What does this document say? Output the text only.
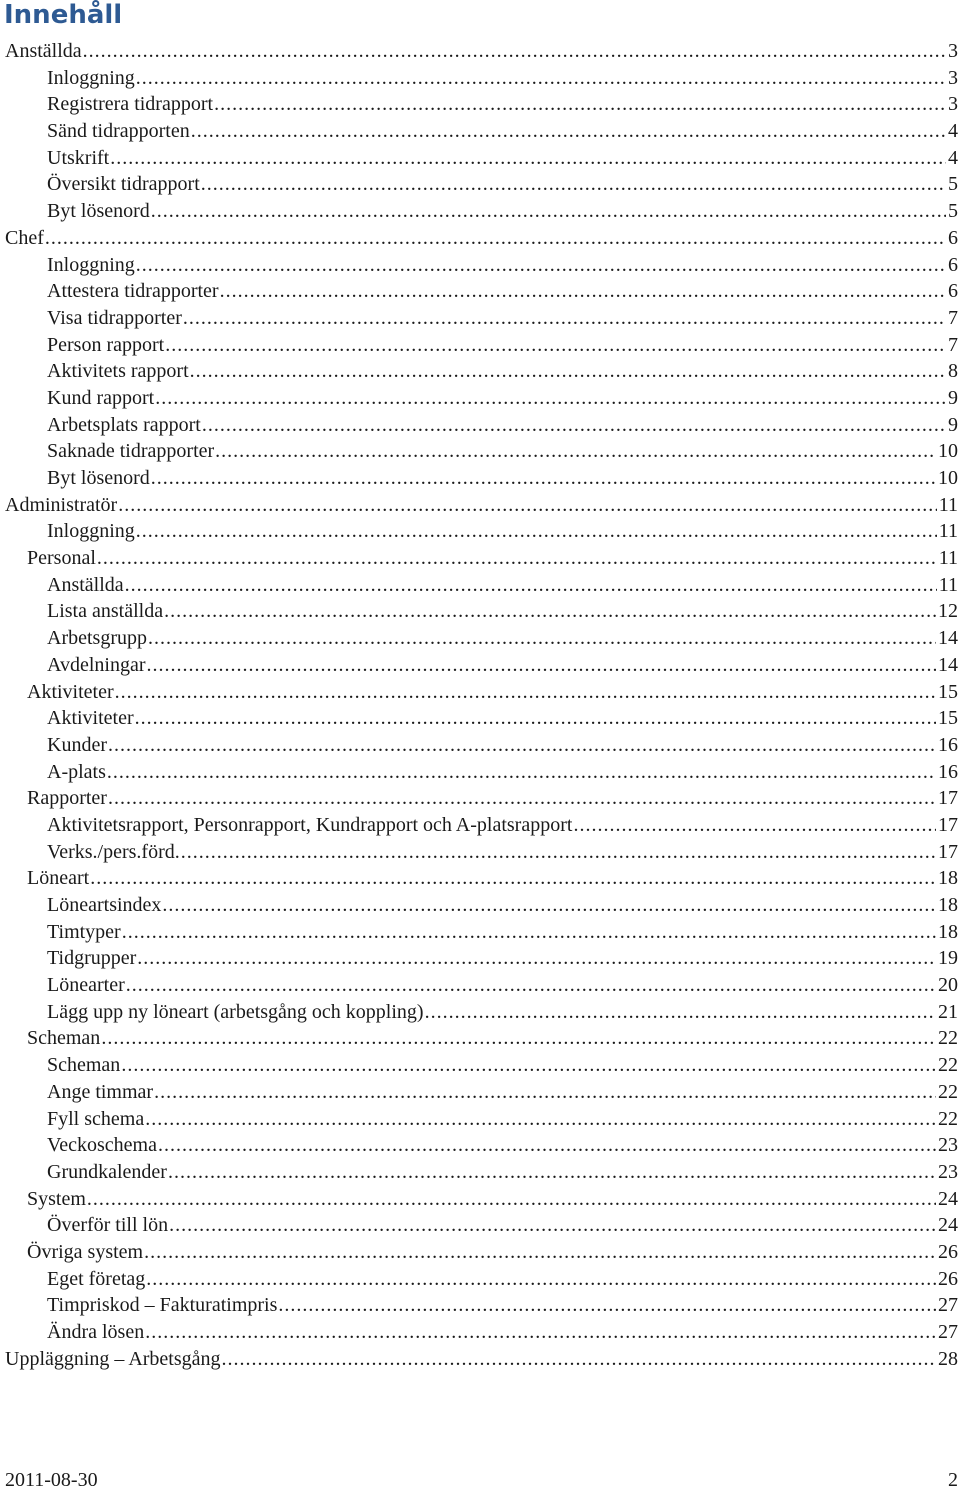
Innehåll
Anställda .....	3
Inloggning .....	3
Registrera tidrapport .....	3
Sänd tidrapporten .....	4
Utskrift .....	4
Översikt tidrapport .....	5
Byt lösenord .....	5
Chef .....	6
Inloggning .....	6
Attestera tidrapporter .....	6
Visa tidrapporter .....	7
Person rapport .....	7
Aktivitets rapport .....	8
Kund rapport .....	9
Arbetsplats rapport .....	9
Saknade tidrapporter .....	10
Byt lösenord .....	10
Administratör .....	11
Inloggning .....	11
Personal .....	11
Anställda .....	11
Lista anställda .....	12
Arbetsgrupp .....	14
Avdelningar .....	14
Aktiviteter .....	15
Aktiviteter .....	15
Kunder .....	16
A-plats .....	16
Rapporter .....	17
Aktivitetsrapport, Personrapport, Kundrapport och A-platsrapport .....	17
Verks./pers.förd. .....	17
Löneart .....	18
Löneartsindex .....	18
Timtyper .....	18
Tidgrupper .....	19
Lönearter .....	20
Lägg upp ny löneart (arbetsgång och koppling) .....	21
Scheman .....	22
Scheman .....	22
Ange timmar .....	22
Fyll schema .....	22
Veckoschema .....	23
Grundkalender .....	23
System .....	24
Överför till lön .....	24
Övriga system .....	26
Eget företag .....	26
Timpriskod – Fakturatimpris .....	27
Ändra lösen .....	27
Uppläggning – Arbetsgång .....	28
2011-08-30	2
